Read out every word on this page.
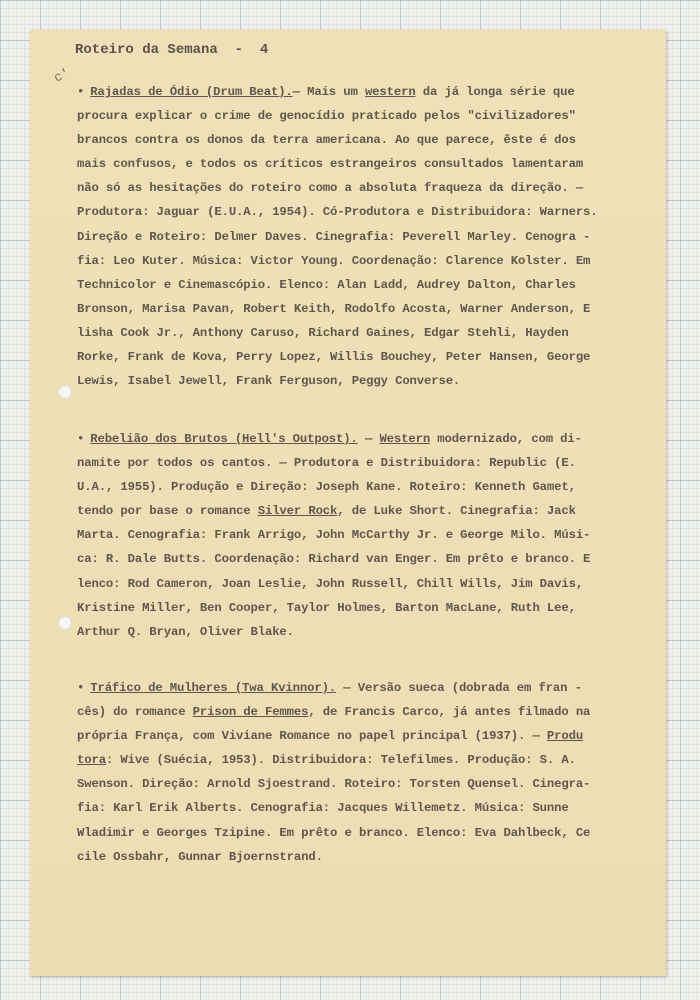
Roteiro da Semana  -  4
c'
• Rajadas de Ódio (Drum Beat).— Mais um western da já longa série que
procura explicar o crime de genocídio praticado pelos "civilizadores"
brancos contra os donos da terra americana. Ao que parece, êste é dos
mais confusos, e todos os críticos estrangeiros consultados lamentaram
não só as hesitações do roteiro como a absoluta fraqueza da direção. —
Produtora: Jaguar (E.U.A., 1954). Có-Produtora e Distribuidora: Warners.
Direção e Roteiro: Delmer Daves. Cinegrafia: Peverell Marley. Cenogra -
fia: Leo Kuter. Música: Victor Young. Coordenação: Clarence Kolster. Em
Technicolor e Cinemascópio. Elenco: Alan Ladd, Audrey Dalton, Charles
Bronson, Marisa Pavan, Robert Keith, Rodolfo Acosta, Warner Anderson, E
lisha Cook Jr., Anthony Caruso, Richard Gaines, Edgar Stehli, Hayden
Rorke, Frank de Kova, Perry Lopez, Willis Bouchey, Peter Hansen, George
Lewis, Isabel Jewell, Frank Ferguson, Peggy Converse.
• Rebelião dos Brutos (Hell's Outpost). — Western modernizado, com di-
namite por todos os cantos. — Produtora e Distribuidora: Republic (E.
U.A., 1955). Produção e Direção: Joseph Kane. Roteiro: Kenneth Gamet,
tendo por base o romance Silver Rock, de Luke Short. Cinegrafia: Jack
Marta. Cenografia: Frank Arrigo, John McCarthy Jr. e George Milo. Músi-
ca: R. Dale Butts. Coordenação: Richard van Enger. Em prêto e branco. E
lenco: Rod Cameron, Joan Leslie, John Russell, Chill Wills, Jim Davis,
Kristine Miller, Ben Cooper, Taylor Holmes, Barton MacLane, Ruth Lee,
Arthur Q. Bryan, Oliver Blake.
• Tráfico de Mulheres (Twa Kvinnor). — Versão sueca (dobrada em fran -
cês) do romance Prison de Femmes, de Francis Carco, já antes filmado na
própria França, com Viviane Romance no papel principal (1937). — Produ
tora: Wive (Suécia, 1953). Distribuidora: Telefilmes. Produção: S. A.
Swenson. Direção: Arnold Sjoestrand. Roteiro: Torsten Quensel. Cinegra-
fia: Karl Erik Alberts. Cenografia: Jacques Willemetz. Música: Sunne
Wladimir e Georges Tzipine. Em prêto e branco. Elenco: Eva Dahlbeck, Ce
cile Ossbahr, Gunnar Bjoernstrand.
